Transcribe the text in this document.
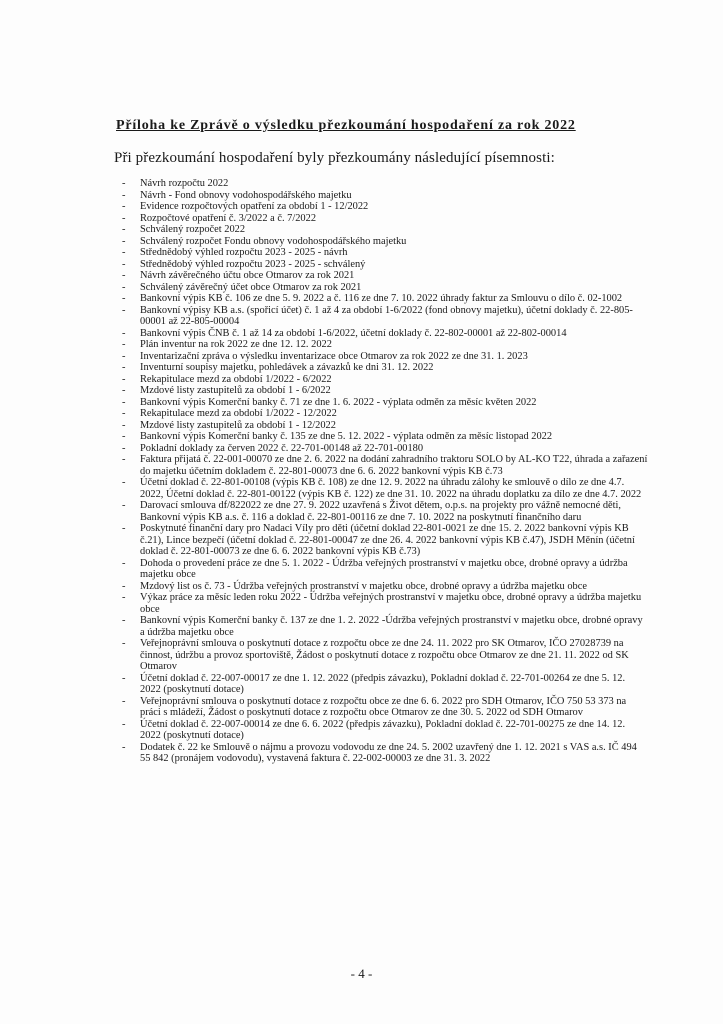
Příloha ke Zprávě o výsledku přezkoumání hospodaření za rok 2022
Při přezkoumání hospodaření byly přezkoumány následující písemnosti:
-	Návrh rozpočtu 2022
-	Návrh - Fond obnovy vodohospodářského majetku
-	Evidence rozpočtových opatření za období 1 - 12/2022
-	Rozpočtové opatření č. 3/2022 a č. 7/2022
-	Schválený rozpočet 2022
-	Schválený rozpočet Fondu obnovy vodohospodářského majetku
-	Střednědobý výhled rozpočtu 2023 - 2025 - návrh
-	Střednědobý výhled rozpočtu 2023 - 2025 - schválený
-	Návrh závěrečného účtu obce Otmarov za rok 2021
-	Schválený závěrečný účet obce Otmarov za rok 2021
-	Bankovní výpis KB č. 106 ze dne 5. 9. 2022 a č. 116 ze dne 7. 10. 2022 úhrady faktur za Smlouvu o dílo č. 02-1002
-	Bankovní výpisy KB a.s. (spořicí účet) č. 1 až 4 za období 1-6/2022 (fond obnovy majetku), účetní doklady č. 22-805-00001 až 22-805-00004
-	Bankovní výpis ČNB č. 1 až 14 za období 1-6/2022, účetní doklady č. 22-802-00001 až 22-802-00014
-	Plán inventur na rok 2022 ze dne 12. 12. 2022
-	Inventarizační zpráva o výsledku inventarizace obce Otmarov za rok 2022 ze dne 31. 1. 2023
-	Inventurní soupisy majetku, pohledávek a závazků ke dni 31. 12. 2022
-	Rekapitulace mezd za období 1/2022 - 6/2022
-	Mzdové listy zastupitelů za období 1 - 6/2022
-	Bankovní výpis Komerční banky č. 71 ze dne 1. 6. 2022 - výplata odměn za měsíc květen 2022
-	Rekapitulace mezd za období 1/2022 - 12/2022
-	Mzdové listy zastupitelů za období 1 - 12/2022
-	Bankovní výpis Komerční banky č. 135 ze dne 5. 12. 2022 - výplata odměn za měsíc listopad 2022
-	Pokladní doklady za červen 2022 č. 22-701-00148 až 22-701-00180
-	Faktura přijatá č. 22-001-00070 ze dne 2. 6. 2022 na dodání zahradního traktoru SOLO by AL-KO T22, úhrada a zařazení do majetku účetním dokladem č. 22-801-00073 dne 6. 6. 2022 bankovní výpis KB č.73
-	Účetní doklad č. 22-801-00108 (výpis KB č. 108) ze dne 12. 9. 2022 na úhradu zálohy ke smlouvě o dílo ze dne 4.7. 2022, Účetní doklad č. 22-801-00122 (výpis KB č. 122) ze dne 31. 10. 2022 na úhradu doplatku za dílo ze dne 4.7. 2022
-	Darovací smlouva df/822022 ze dne 27. 9. 2022 uzavřená s Život dětem, o.p.s. na projekty pro vážně nemocné děti, Bankovní výpis KB a.s. č. 116 a doklad č. 22-801-00116 ze dne 7. 10. 2022 na poskytnutí finančního daru
-	Poskytnuté finanční dary pro Nadaci Víly pro děti (účetní doklad 22-801-0021 ze dne 15. 2. 2022 bankovní výpis KB č.21), Lince bezpečí (účetní doklad č. 22-801-00047 ze dne 26. 4. 2022 bankovní výpis KB č.47), JSDH Měnín (účetní doklad č. 22-801-00073 ze dne 6. 6. 2022 bankovní výpis KB č.73)
-	Dohoda o provedení práce ze dne 5. 1. 2022 - Údržba veřejných prostranství v majetku obce, drobné opravy a údržba majetku obce
-	Mzdový list os č. 73 - Údržba veřejných prostranství v majetku obce, drobné opravy a údržba majetku obce
-	Výkaz práce za měsíc leden roku 2022 - Údržba veřejných prostranství v majetku obce, drobné opravy a údržba majetku obce
-	Bankovní výpis Komerční banky č. 137 ze dne 1. 2. 2022 -Údržba veřejných prostranství v majetku obce, drobné opravy a údržba majetku obce
-	Veřejnoprávní smlouva o poskytnutí dotace z rozpočtu obce ze dne 24. 11. 2022 pro SK Otmarov, IČO 27028739 na činnost, údržbu a provoz sportoviště, Žádost o poskytnutí dotace z rozpočtu obce Otmarov ze dne 21. 11. 2022 od SK Otmarov
-	Účetní doklad č. 22-007-00017 ze dne 1. 12. 2022 (předpis závazku), Pokladní doklad č. 22-701-00264 ze dne 5. 12. 2022 (poskytnutí dotace)
-	Veřejnoprávní smlouva o poskytnutí dotace z rozpočtu obce ze dne 6. 6. 2022 pro SDH Otmarov, IČO 750 53 373 na práci s mládeží, Žádost o poskytnutí dotace z rozpočtu obce Otmarov ze dne 30. 5. 2022 od SDH Otmarov
-	Účetní doklad č. 22-007-00014 ze dne 6. 6. 2022 (předpis závazku), Pokladní doklad č. 22-701-00275 ze dne 14. 12. 2022 (poskytnutí dotace)
-	Dodatek č. 22 ke Smlouvě o nájmu a provozu vodovodu ze dne 24. 5. 2002 uzavřený dne 1. 12. 2021 s VAS a.s. IČ 494 55 842 (pronájem vodovodu), vystavená faktura č. 22-002-00003 ze dne 31. 3. 2022
- 4 -
